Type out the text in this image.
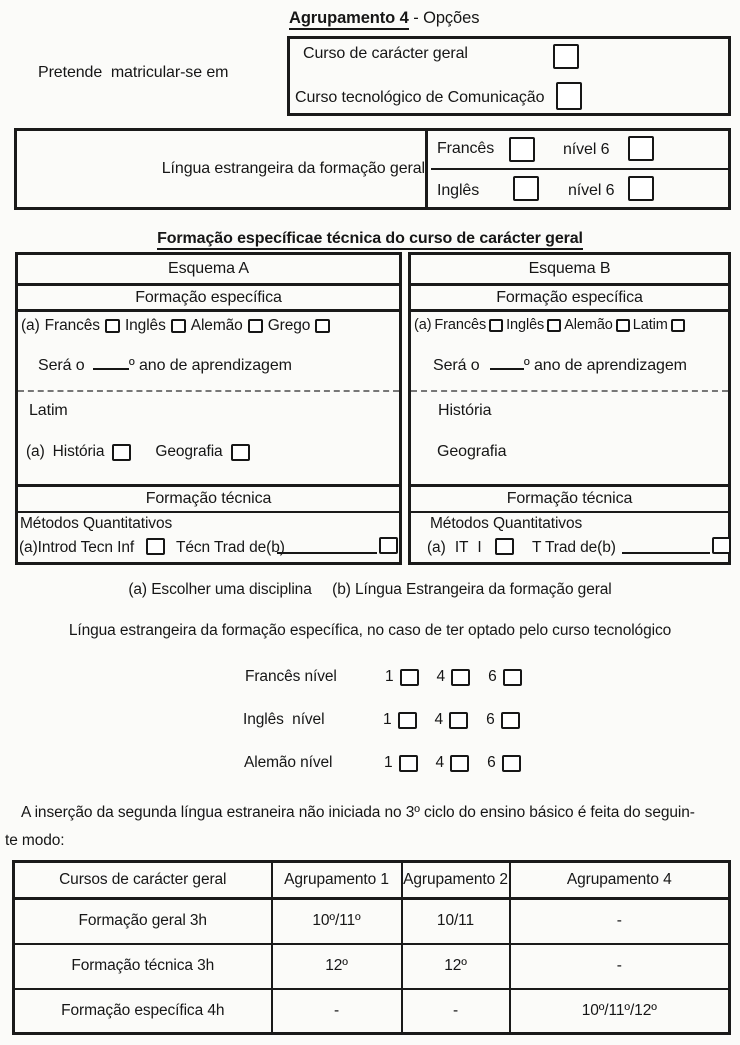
Agrupamento 4 - Opções
Pretende  matricular-se em
Curso de carácter geral
Curso tecnológico de Comunicação
Língua estrangeira da formação geral
Francês	nível 6
Inglês	nível 6
Formação específicae técnica do curso de carácter geral
Esquema A
Formação específica
(a) Francês Inglês Alemão Grego
Será o	º ano de aprendizagem
Latim
(a) História	Geografia
Formação técnica
Métodos Quantitativos
(a)Introd Tecn Inf	Técn Trad de(b)
Esquema B
Formação específica
(a) Francês Inglês Alemão Latim
Será o	º ano de aprendizagem
História
Geografia
Formação técnica
Métodos Quantitativos
(a) IT I	T Trad de(b)
(a) Escolher uma disciplina (b) Língua Estrangeira da formação geral
Língua estrangeira da formação específica, no caso de ter optado pelo curso tecnológico
Francês nível	1	4	6
Inglês  nível	1	4	6
Alemão nível	1	4	6
A inserção da segunda língua estraneira não iniciada no 3º ciclo do ensino básico é feita do seguin-
te modo:
Cursos de carácter geral	Agrupamento 1	Agrupamento 2	Agrupamento 4
Formação geral 3h	10º/11º	10/11	-
Formação técnica 3h	12º	12º	-
Formação específica 4h	-	-	10º/11º/12º
